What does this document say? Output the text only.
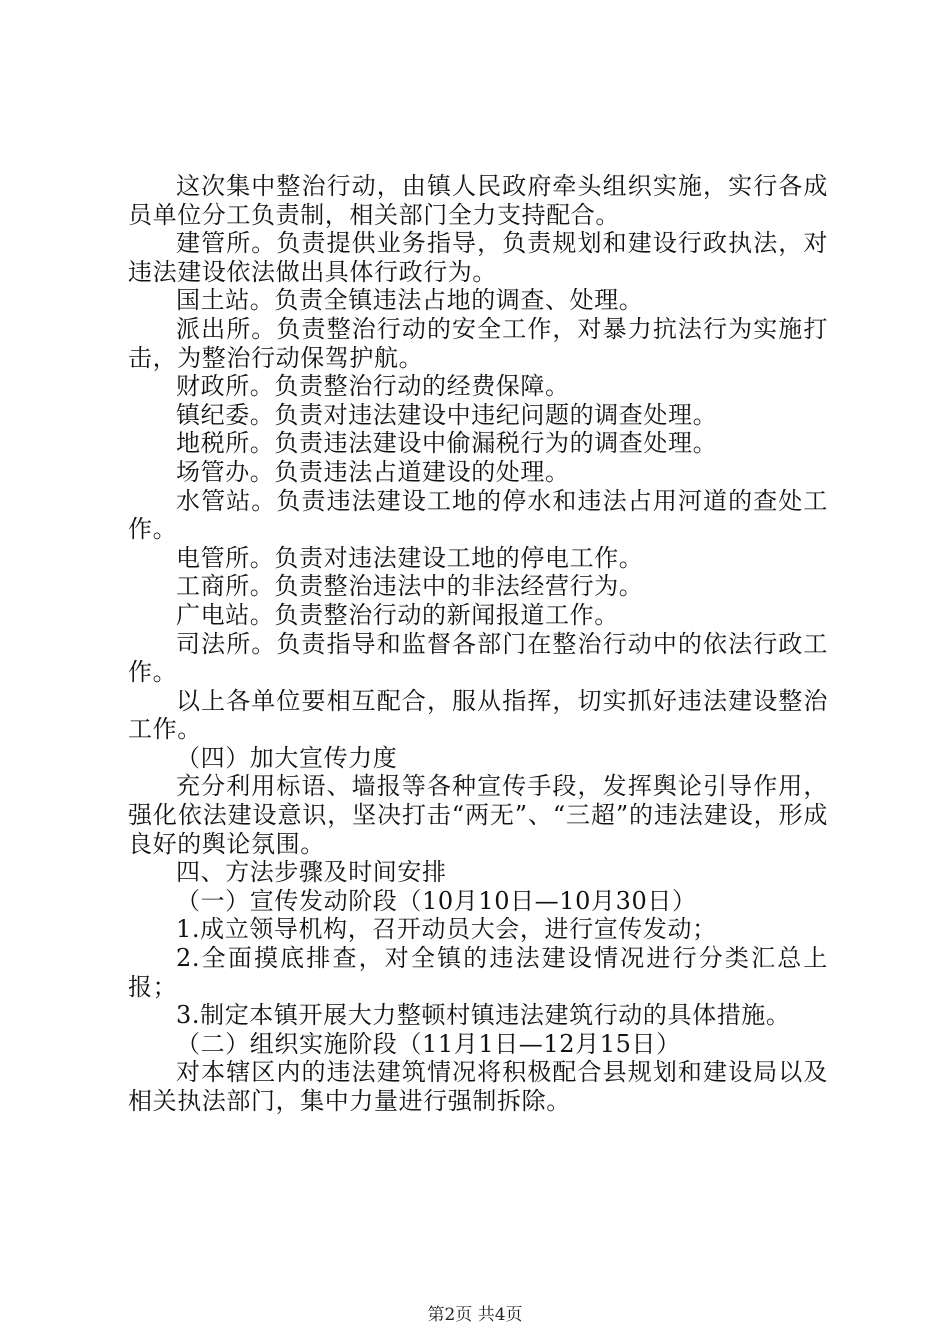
这次集中整治行动，由镇人民政府牵头组织实施，实行各成员单位分工负责制，相关部门全力支持配合。

建管所。负责提供业务指导，负责规划和建设行政执法，对违法建设依法做出具体行政行为。

国土站。负责全镇违法占地的调查、处理。

派出所。负责整治行动的安全工作，对暴力抗法行为实施打击，为整治行动保驾护航。

财政所。负责整治行动的经费保障。

镇纪委。负责对违法建设中违纪问题的调查处理。

地税所。负责违法建设中偷漏税行为的调查处理。

场管办。负责违法占道建设的处理。

水管站。负责违法建设工地的停水和违法占用河道的查处工作。

电管所。负责对违法建设工地的停电工作。

工商所。负责整治违法中的非法经营行为。

广电站。负责整治行动的新闻报道工作。

司法所。负责指导和监督各部门在整治行动中的依法行政工作。

以上各单位要相互配合，服从指挥，切实抓好违法建设整治工作。

（四）加大宣传力度

充分利用标语、墙报等各种宣传手段，发挥舆论引导作用，强化依法建设意识，坚决打击“两无”、“三超”的违法建设，形成良好的舆论氛围。

四、方法步骤及时间安排

（一）宣传发动阶段（10月10日—10月30日）

1.成立领导机构，召开动员大会，进行宣传发动；

2.全面摸底排查，对全镇的违法建设情况进行分类汇总上报；

3.制定本镇开展大力整顿村镇违法建筑行动的具体措施。

（二）组织实施阶段（11月1日—12月15日）

对本辖区内的违法建筑情况将积极配合县规划和建设局以及相关执法部门，集中力量进行强制拆除。

第2页 共4页
